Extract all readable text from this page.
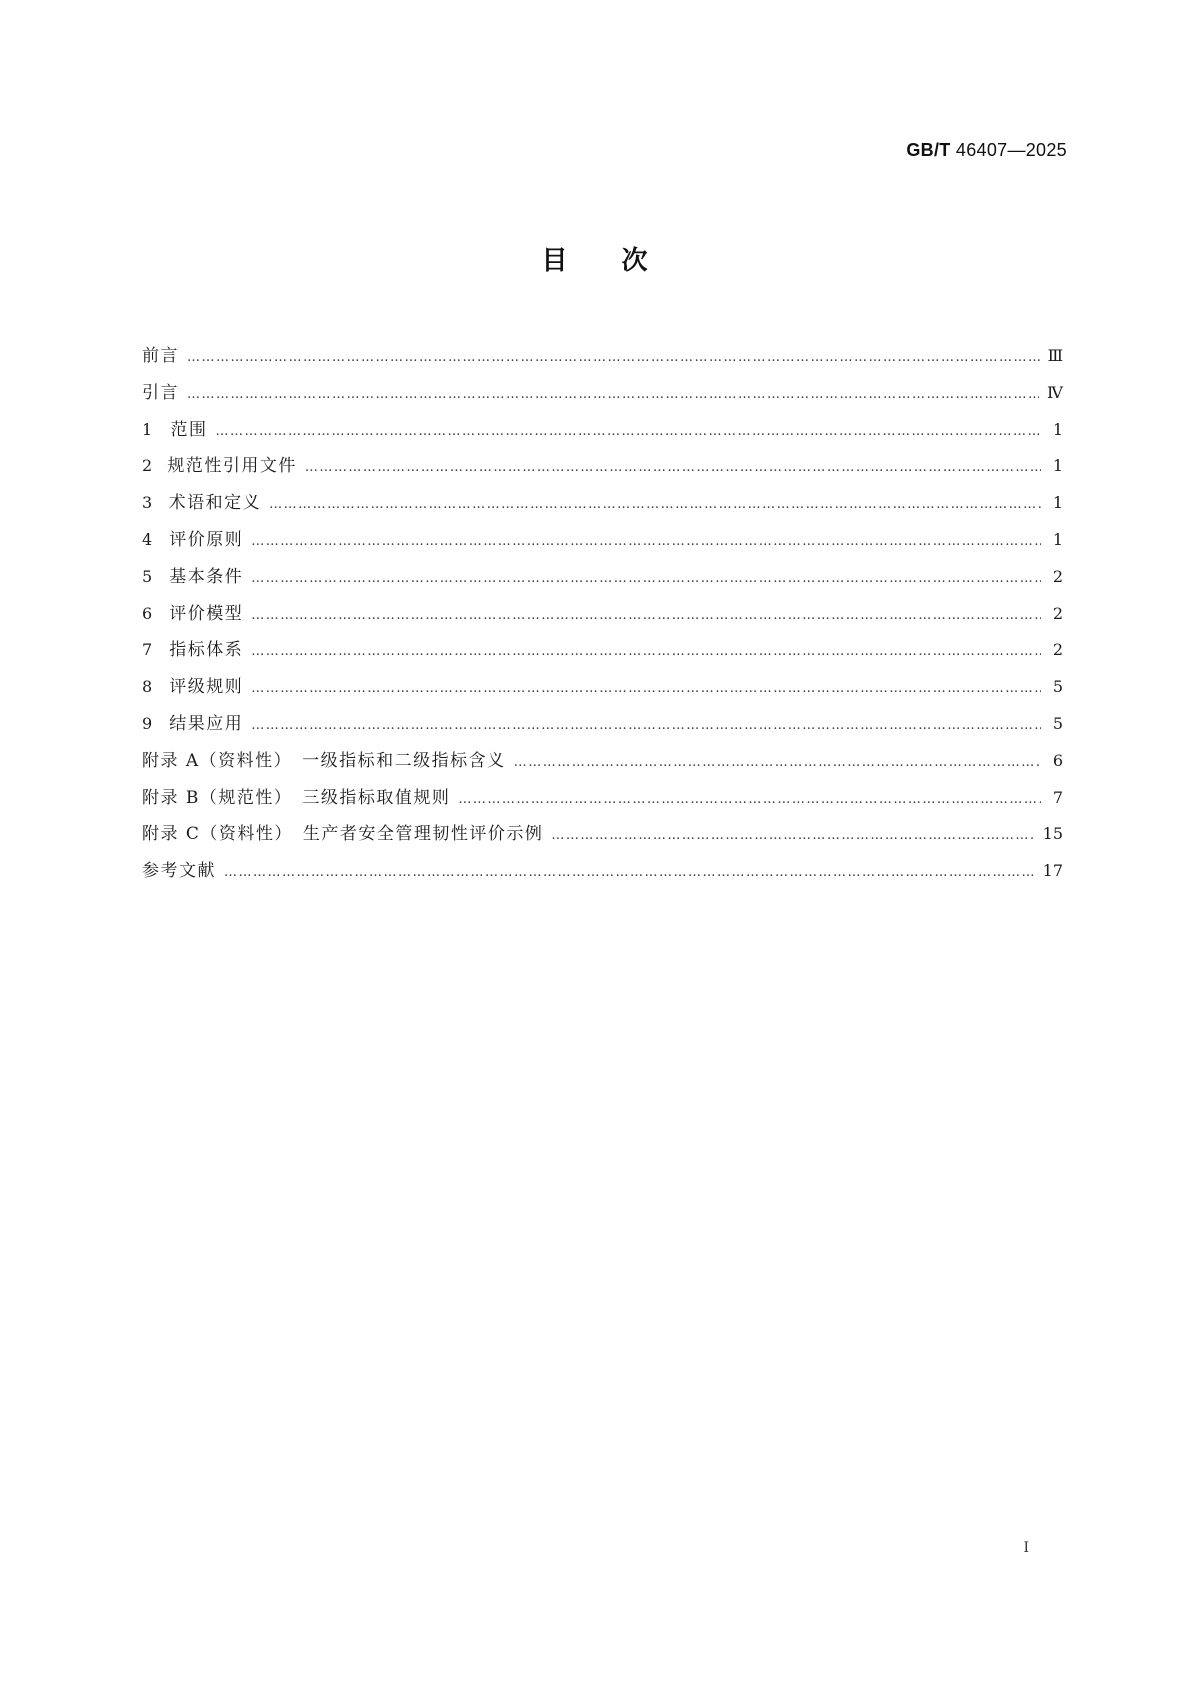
GB/T 46407—2025
目 次
前言 …………………………………………………………………………………………………………………………………………………………………………	Ⅲ
引言 …………………………………………………………………………………………………………………………………………………………………………	Ⅳ
1	范围 …………………………………………………………………………………………………………………………………………………………………………	1
2 规范性引用文件 …………………………………………………………………………………………………………………………………………………………………………	1
3 术语和定义 …………………………………………………………………………………………………………………………………………………………………………	1
4	评价原则 …………………………………………………………………………………………………………………………………………………………………………	1
5	基本条件 …………………………………………………………………………………………………………………………………………………………………………	2
6	评价模型 …………………………………………………………………………………………………………………………………………………………………………	2
7	指标体系 …………………………………………………………………………………………………………………………………………………………………………	2
8	评级规则 …………………………………………………………………………………………………………………………………………………………………………	5
9	结果应用 …………………………………………………………………………………………………………………………………………………………………………	5
附录 A（资料性）　一级指标和二级指标含义 …………………………………………………………………………………………………………………………………………………………………………	6
附录 B（规范性）　三级指标取值规则 …………………………………………………………………………………………………………………………………………………………………………	7
附录 C（资料性）　生产者安全管理韧性评价示例 …………………………………………………………………………………………………………………………………………………………………………	15
参考文献 …………………………………………………………………………………………………………………………………………………………………………	17
Ⅰ
